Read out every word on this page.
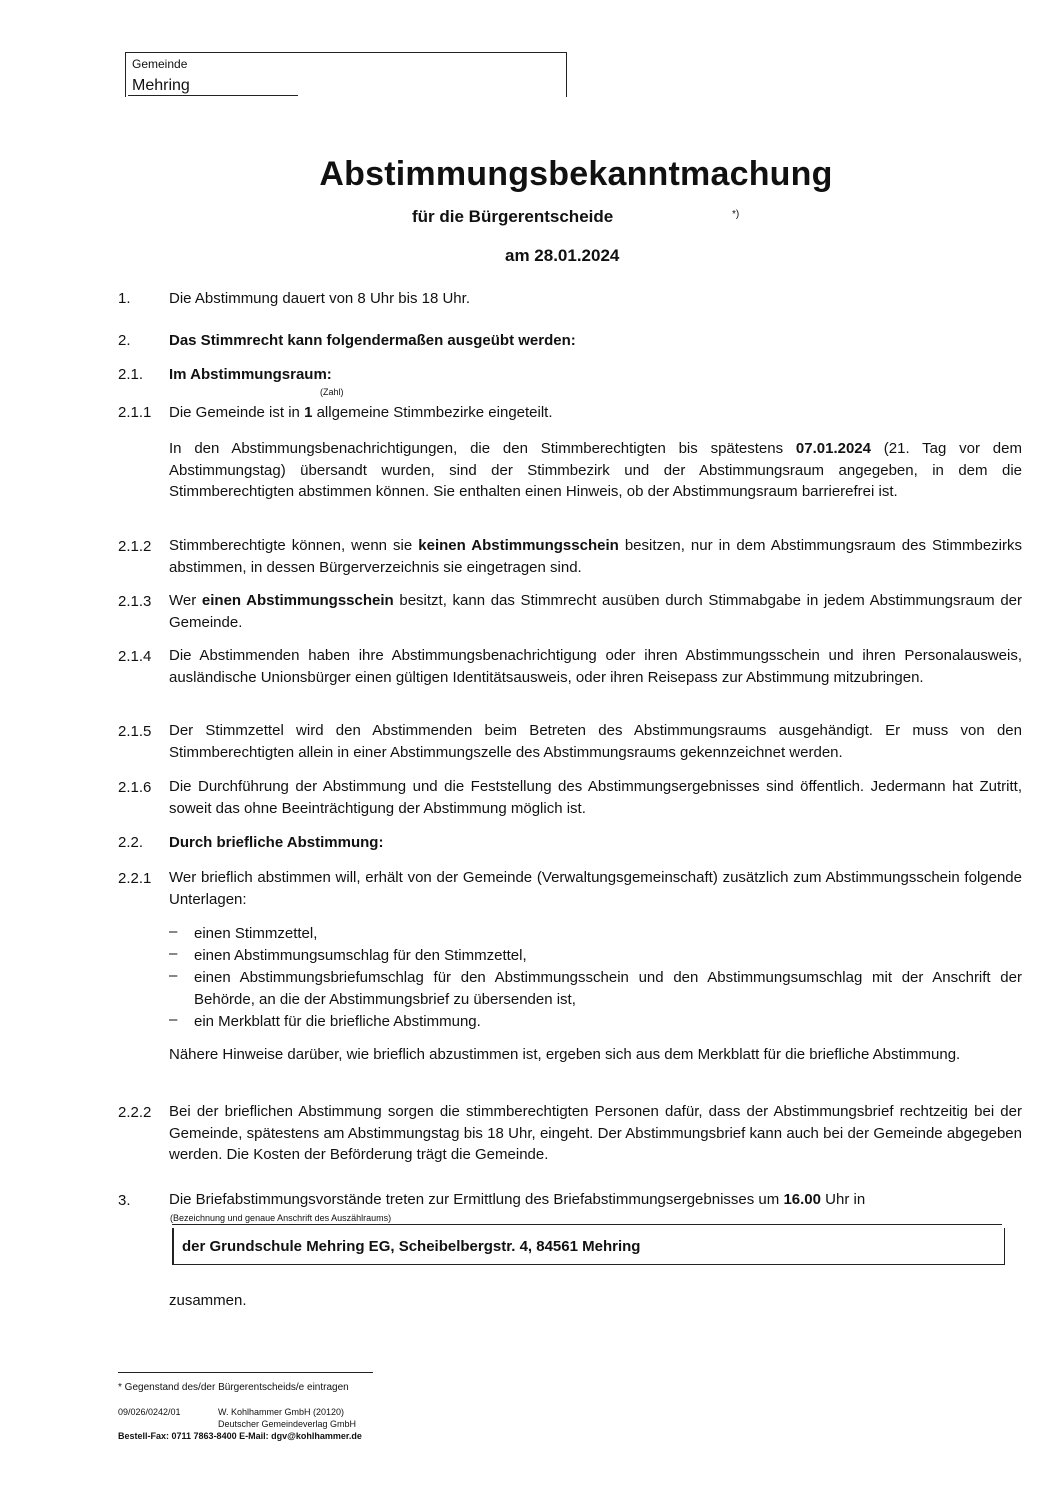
Gemeinde
Mehring
Abstimmungsbekanntmachung
für die Bürgerentscheide	*)
am 28.01.2024
1.	Die Abstimmung dauert von 8 Uhr bis 18 Uhr.
2.	Das Stimmrecht kann folgendermaßen ausgeübt werden:
2.1. Im Abstimmungsraum:
(Zahl)
2.1.1 Die Gemeinde ist in 1 allgemeine Stimmbezirke eingeteilt.
In den Abstimmungsbenachrichtigungen, die den Stimmberechtigten bis spätestens 07.01.2024 (21. Tag vor dem Abstimmungstag) übersandt wurden, sind der Stimmbezirk und der Abstimmungsraum angegeben, in dem die Stimmberechtigten abstimmen können. Sie enthalten einen Hinweis, ob der Abstimmungsraum barrierefrei ist.
2.1.2 Stimmberechtigte können, wenn sie keinen Abstimmungsschein besitzen, nur in dem Abstimmungsraum des Stimmbezirks abstimmen, in dessen Bürgerverzeichnis sie eingetragen sind.
2.1.3 Wer einen Abstimmungsschein besitzt, kann das Stimmrecht ausüben durch Stimmabgabe in jedem Abstimmungsraum der Gemeinde.
2.1.4 Die Abstimmenden haben ihre Abstimmungsbenachrichtigung oder ihren Abstimmungsschein und ihren Personalausweis, ausländische Unionsbürger einen gültigen Identitätsausweis, oder ihren Reisepass zur Abstimmung mitzubringen.
2.1.5 Der Stimmzettel wird den Abstimmenden beim Betreten des Abstimmungsraums ausgehändigt. Er muss von den Stimmberechtigten allein in einer Abstimmungszelle des Abstimmungsraums gekennzeichnet werden.
2.1.6 Die Durchführung der Abstimmung und die Feststellung des Abstimmungsergebnisses sind öffentlich. Jedermann hat Zutritt, soweit das ohne Beeinträchtigung der Abstimmung möglich ist.
2.2. Durch briefliche Abstimmung:
2.2.1 Wer brieflich abstimmen will, erhält von der Gemeinde (Verwaltungsgemeinschaft) zusätzlich zum Abstimmungsschein folgende Unterlagen:
– einen Stimmzettel,
– einen Abstimmungsumschlag für den Stimmzettel,
– einen Abstimmungsbriefumschlag für den Abstimmungsschein und den Abstimmungsumschlag mit der Anschrift der Behörde, an die der Abstimmungsbrief zu übersenden ist,
– ein Merkblatt für die briefliche Abstimmung.
Nähere Hinweise darüber, wie brieflich abzustimmen ist, ergeben sich aus dem Merkblatt für die briefliche Abstimmung.
2.2.2 Bei der brieflichen Abstimmung sorgen die stimmberechtigten Personen dafür, dass der Abstimmungsbrief rechtzeitig bei der Gemeinde, spätestens am Abstimmungstag bis 18 Uhr, eingeht. Der Abstimmungsbrief kann auch bei der Gemeinde abgegeben werden. Die Kosten der Beförderung trägt die Gemeinde.
3.	Die Briefabstimmungsvorstände treten zur Ermittlung des Briefabstimmungsergebnisses um 16.00 Uhr in
(Bezeichnung und genaue Anschrift des Auszählraums)
der Grundschule Mehring EG, Scheibelbergstr. 4, 84561 Mehring
zusammen.
* Gegenstand des/der Bürgerentscheids/e eintragen
09/026/0242/01	W. Kohlhammer GmbH (20120)
Deutscher Gemeindeverlag GmbH
Bestell-Fax: 0711 7863-8400 E-Mail: dgv@kohlhammer.de
